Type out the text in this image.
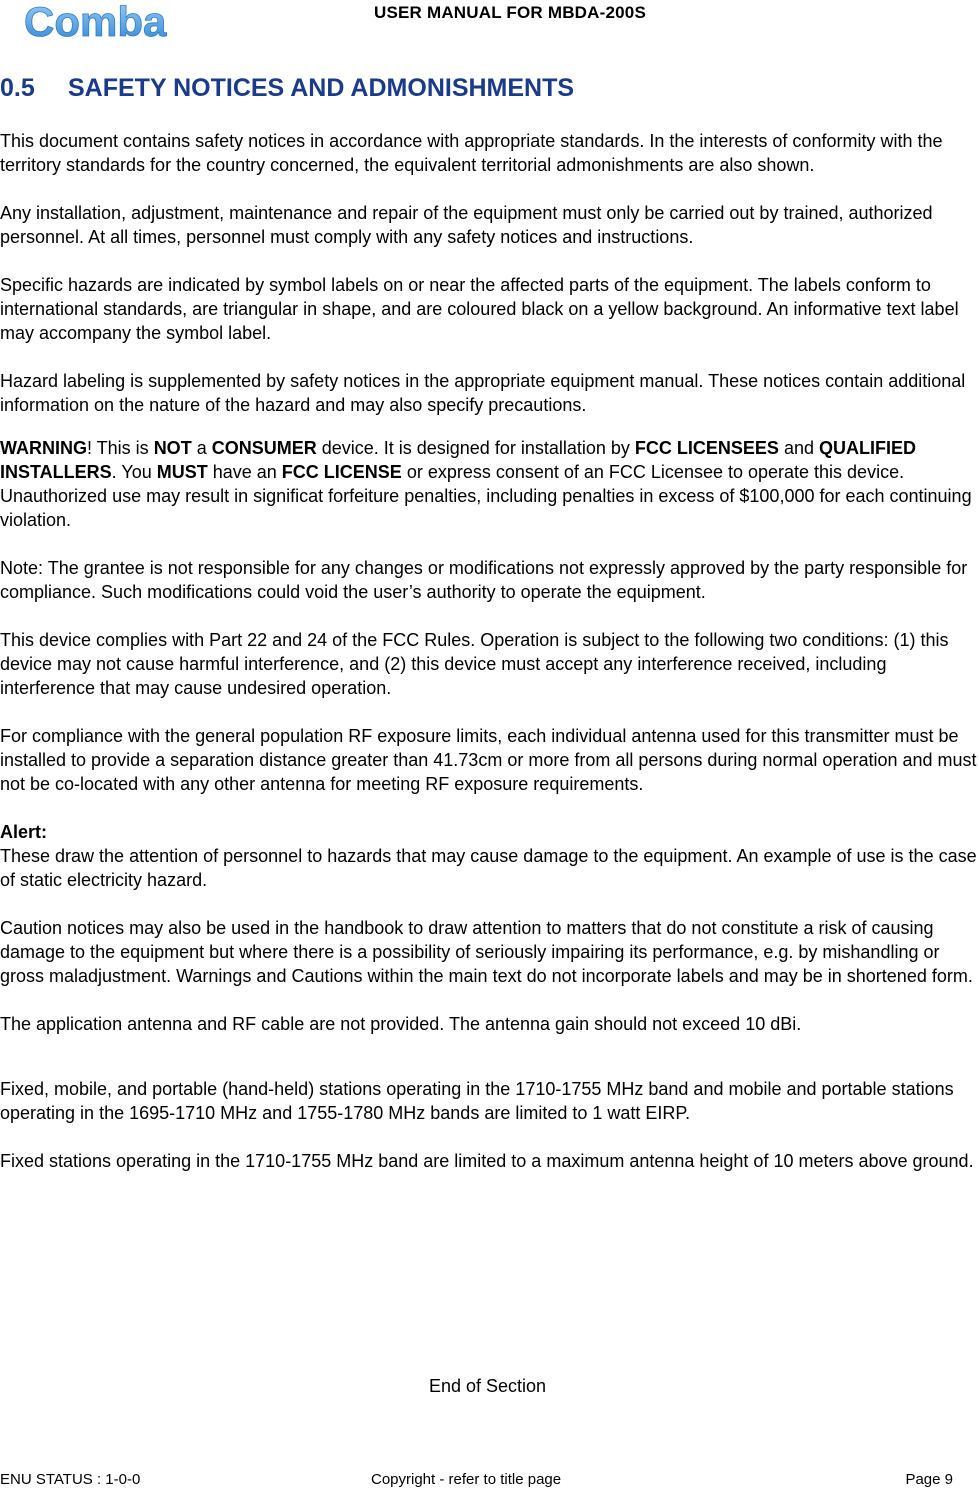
Comba	USER MANUAL FOR MBDA-200S
0.5 SAFETY NOTICES AND ADMONISHMENTS

This document contains safety notices in accordance with appropriate standards. In the interests of conformity with the territory standards for the country concerned, the equivalent territorial admonishments are also shown.

Any installation, adjustment, maintenance and repair of the equipment must only be carried out by trained, authorized personnel. At all times, personnel must comply with any safety notices and instructions.

Specific hazards are indicated by symbol labels on or near the affected parts of the equipment. The labels conform to international standards, are triangular in shape, and are coloured black on a yellow background. An informative text label may accompany the symbol label.

Hazard labeling is supplemented by safety notices in the appropriate equipment manual. These notices contain additional information on the nature of the hazard and may also specify precautions.

WARNING! This is NOT a CONSUMER device. It is designed for installation by FCC LICENSEES and QUALIFIED INSTALLERS. You MUST have an FCC LICENSE or express consent of an FCC Licensee to operate this device. Unauthorized use may result in significat forfeiture penalties, including penalties in excess of $100,000 for each continuing violation.

Note: The grantee is not responsible for any changes or modifications not expressly approved by the party responsible for compliance. Such modifications could void the user’s authority to operate the equipment.

This device complies with Part 22 and 24 of the FCC Rules. Operation is subject to the following two conditions: (1) this device may not cause harmful interference, and (2) this device must accept any interference received, including interference that may cause undesired operation.

For compliance with the general population RF exposure limits, each individual antenna used for this transmitter must be installed to provide a separation distance greater than 41.73cm or more from all persons during normal operation and must not be co-located with any other antenna for meeting RF exposure requirements.

Alert:
These draw the attention of personnel to hazards that may cause damage to the equipment. An example of use is the case of static electricity hazard.

Caution notices may also be used in the handbook to draw attention to matters that do not constitute a risk of causing damage to the equipment but where there is a possibility of seriously impairing its performance, e.g. by mishandling or gross maladjustment. Warnings and Cautions within the main text do not incorporate labels and may be in shortened form.

The application antenna and RF cable are not provided. The antenna gain should not exceed 10 dBi.

Fixed, mobile, and portable (hand-held) stations operating in the 1710-1755 MHz band and mobile and portable stations operating in the 1695-1710 MHz and 1755-1780 MHz bands are limited to 1 watt EIRP.

Fixed stations operating in the 1710-1755 MHz band are limited to a maximum antenna height of 10 meters above ground.

End of Section
ENU STATUS : 1-0-0	Copyright - refer to title page	Page 9
